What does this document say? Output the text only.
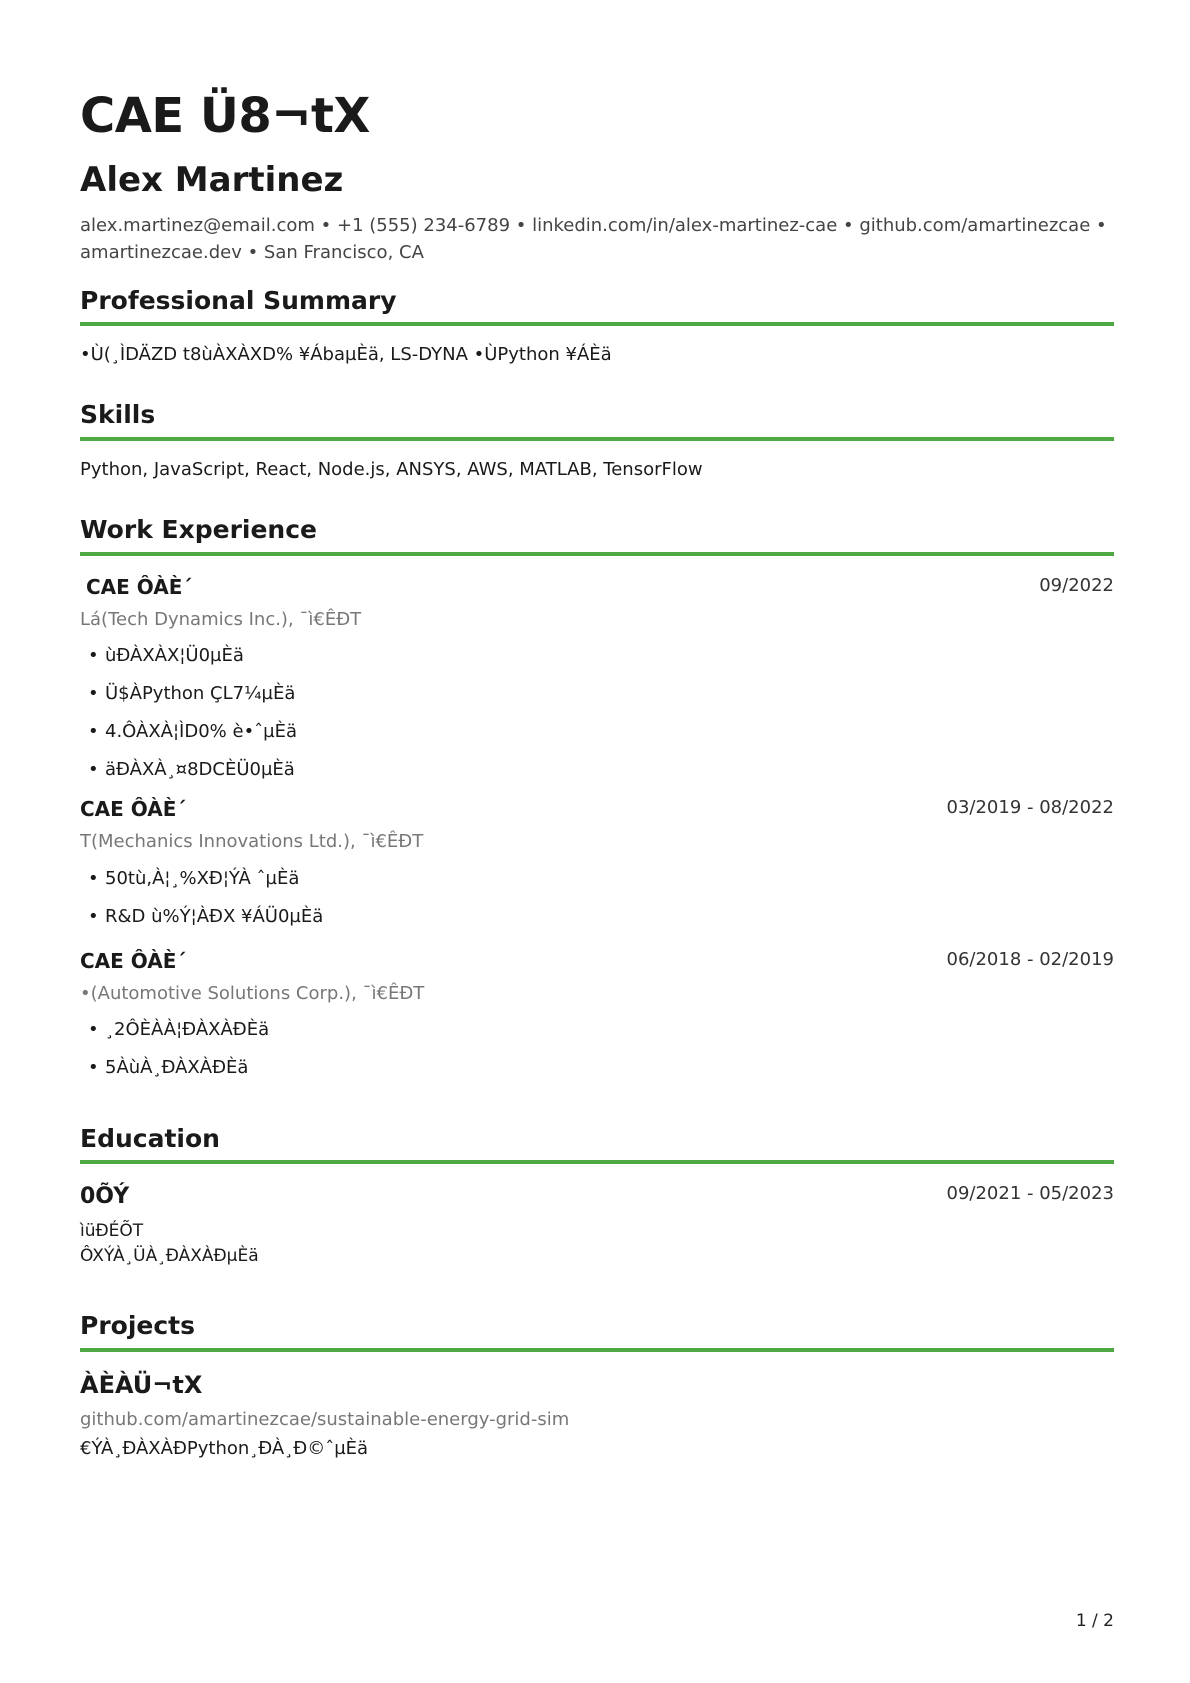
CAE Ü8¬tX
Alex Martinez
alex.martinez@email.com • +1 (555) 234-6789 • linkedin.com/in/alex-martinez-cae • github.com/amartinezcae • amartinezcae.dev • San Francisco, CA
Professional Summary
•Ù(¸ÌDÄZD t8ùÀXÀXD% ¥ÁbaµÈä, LS-DYNA •ÙPython ¥ÁÈä
Skills
Python, JavaScript, React, Node.js, ANSYS, AWS, MATLAB, TensorFlow
Work Experience
CAE ÔÀÈ´	09/2022
Lá(Tech Dynamics Inc.), ¯ì€ÊÐT
• ùÐÀXÀX¦Ü0µÈä
• Ü$ÀPython ÇL7¼µÈä
• 4.ÔÀXÀ¦ÌD0% è•ˆµÈä
• äÐÀXÀ¸¤8DCÈÜ0µÈä
CAE ÔÀÈ´	03/2019 - 08/2022
T(Mechanics Innovations Ltd.), ¯ì€ÊÐT
• 50tù,À¦¸%XÐ¦ÝÀ ˆµÈä
• R&D ù%Ý¦ÀÐX ¥ÁÜ0µÈä
CAE ÔÀÈ´	06/2018 - 02/2019
•(Automotive Solutions Corp.), ¯ì€ÊÐT
• ¸2ÔÈÀÀ¦ÐÀXÀÐÈä
• 5ÀùÀ¸ÐÀXÀÐÈä
Education
0ÕÝ	09/2021 - 05/2023
ìüÐÉÕT
ÔXÝÀ¸ÜÀ¸ÐÀXÀÐµÈä
Projects
ÀÈÀÜ¬tX
github.com/amartinezcae/sustainable-energy-grid-sim
€ÝÀ¸ÐÀXÀÐPython¸ÐÀ¸Ð©ˆµÈä
1 / 2
